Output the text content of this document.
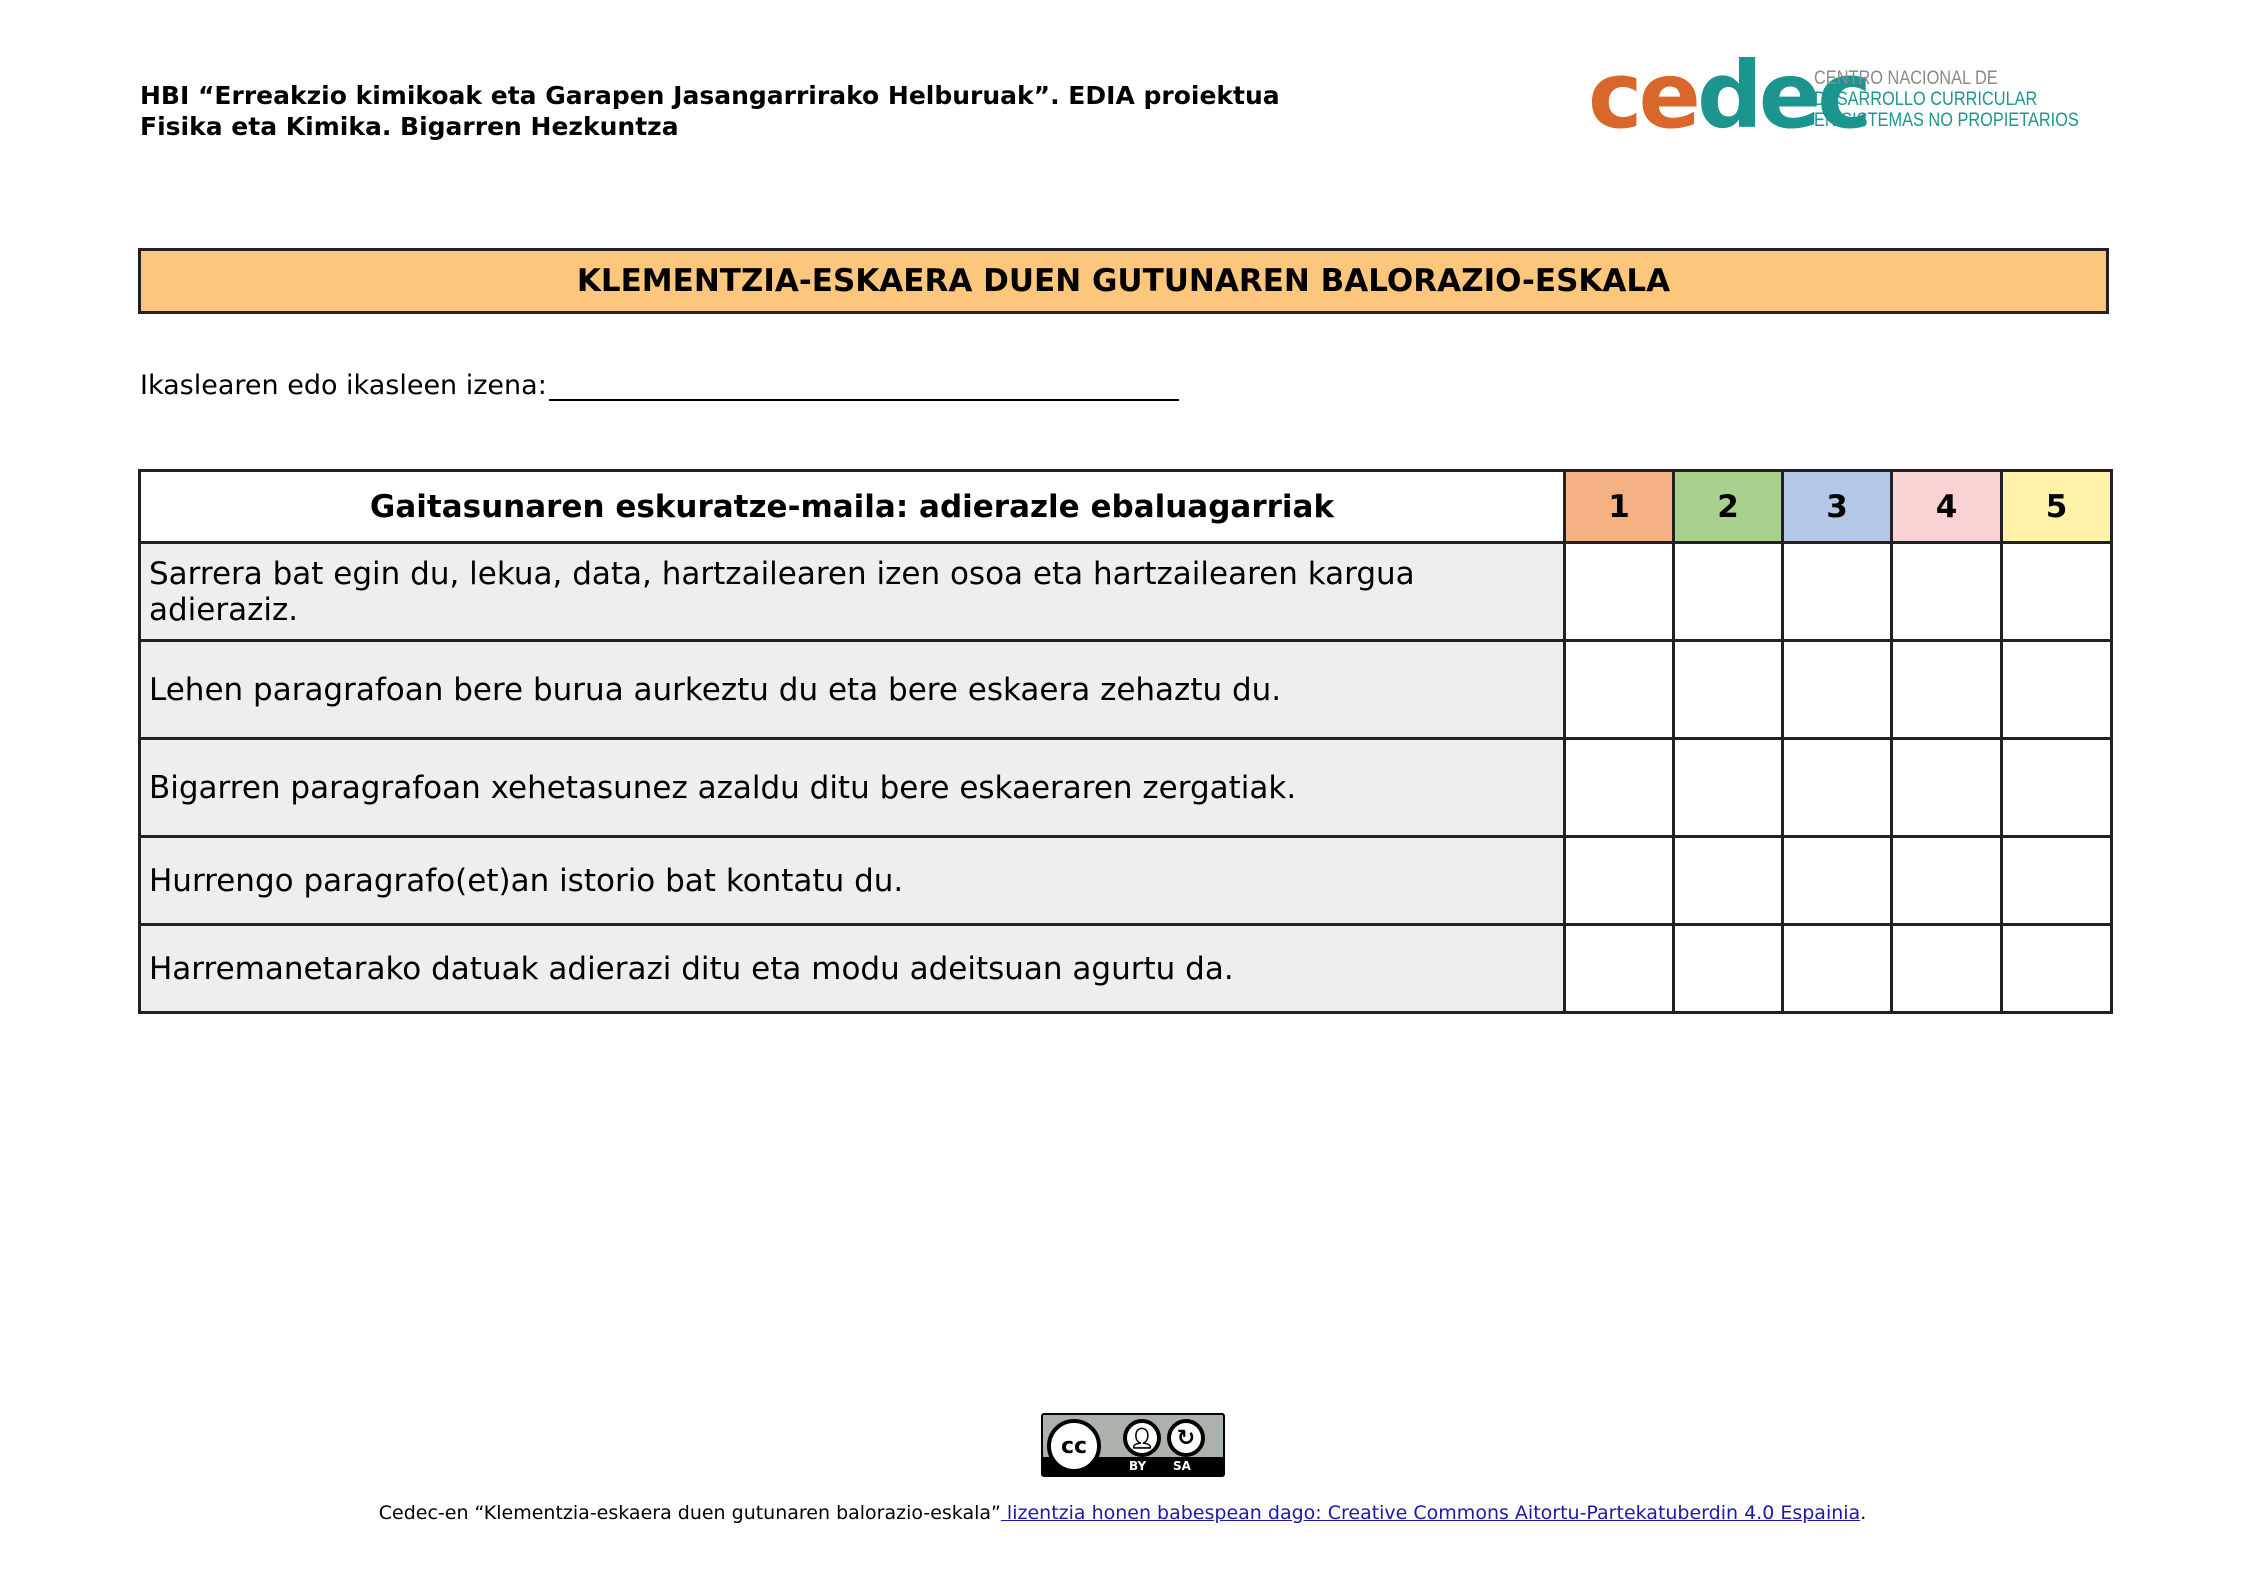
HBI “Erreakzio kimikoak eta Garapen Jasangarrirako Helburuak”. EDIA proiektua
Fisika eta Kimika. Bigarren Hezkuntza	cedec
CENTRO NACIONAL DE
DESARROLLO CURRICULAR
EN SISTEMAS NO PROPIETARIOS
KLEMENTZIA-ESKAERA DUEN GUTUNAREN BALORAZIO-ESKALA
Ikaslearen edo ikasleen izena:
Gaitasunaren eskuratze-maila: adierazle ebaluagarriak	1	2	3	4	5
Sarrera bat egin du, lekua, data, hartzailearen izen osoa eta hartzailearen kargua adieraziz.					
Lehen paragrafoan bere burua aurkeztu du eta bere eskaera zehaztu du.					
Bigarren paragrafoan xehetasunez azaldu ditu bere eskaeraren zergatiak.					
Hurrengo paragrafo(et)an istorio bat kontatu du.					
Harremanetarako datuak adierazi ditu eta modu adeitsuan agurtu da.					
cc	👤︎	↻
BY SA
Cedec-en “Klementzia-eskaera duen gutunaren balorazio-eskala” lizentzia honen babespean dago: Creative Commons Aitortu-Partekatuberdin 4.0 Espainia.
